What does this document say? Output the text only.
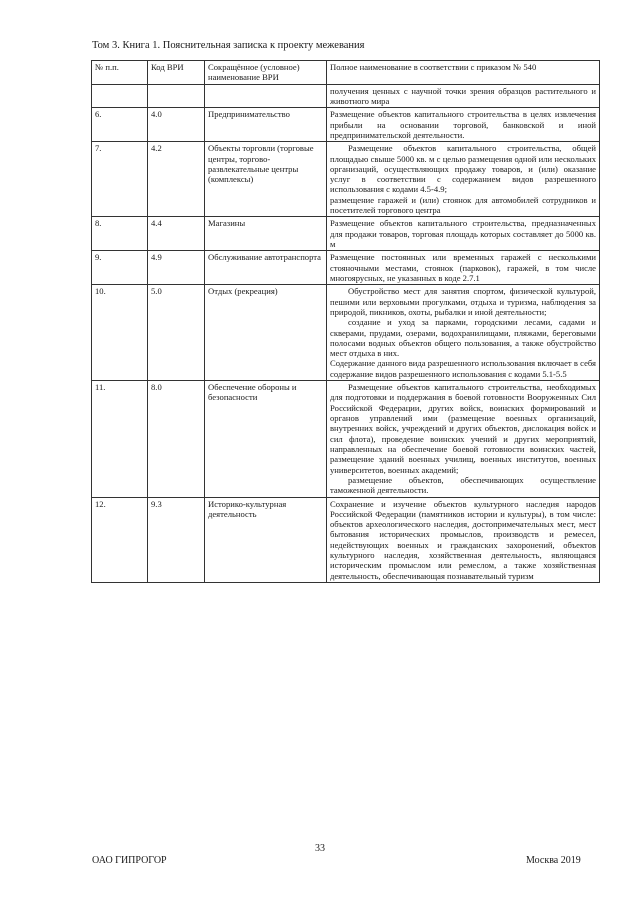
Том 3. Книга 1. Пояснительная записка к проекту межевания
№ п.п.	Код ВРИ	Сокращённое (условное) наименование ВРИ	Полное наименование в соответствии с приказом № 540

			получения ценных с научной точки зрения образцов растительного и животного мира

6.	4.0	Предпринимательство	Размещение объектов капитального строительства в целях извлечения прибыли на основании торговой, банковской и иной предпринимательской деятельности.

7.	4.2	Объекты торговли (торговые центры, торгово-развлекательные центры (комплексы)	Размещение объектов капитального строительства, общей площадью свыше 5000 кв. м с целью размещения одной или нескольких организаций, осуществляющих продажу товаров, и (или) оказание услуг в соответствии с содержанием видов разрешенного использования с кодами 4.5-4.9;

размещение гаражей и (или) стоянок для автомобилей сотрудников и посетителей торгового центра

8.	4.4	Магазины	Размещение объектов капитального строительства, предназначенных для продажи товаров, торговая площадь которых составляет до 5000 кв. м

9.	4.9	Обслуживание автотранспорта	Размещение постоянных или временных гаражей с несколькими стояночными местами, стоянок (парковок), гаражей, в том числе многоярусных, не указанных в коде 2.7.1

10.	5.0	Отдых (рекреация)	Обустройство мест для занятия спортом, физической культурой, пешими или верховыми прогулками, отдыха и туризма, наблюдения за природой, пикников, охоты, рыбалки и иной деятельности;

создание и уход за парками, городскими лесами, садами и скверами, прудами, озерами, водохранилищами, пляжами, береговыми полосами водных объектов общего пользования, а также обустройство мест отдыха в них.

Содержание данного вида разрешенного использования включает в себя содержание видов разрешенного использования с кодами 5.1-5.5

11.	8.0	Обеспечение обороны и безопасности	Размещение объектов капитального строительства, необходимых для подготовки и поддержания в боевой готовности Вооруженных Сил Российской Федерации, других войск, воинских формирований и органов управлений ими (размещение военных организаций, внутренних войск, учреждений и других объектов, дислокация войск и сил флота), проведение воинских учений и других мероприятий, направленных на обеспечение боевой готовности воинских частей, размещение зданий военных училищ, военных институтов, военных университетов, военных академий;

размещение объектов, обеспечивающих осуществление таможенной деятельности.

12.	9.3	Историко-культурная деятельность	Сохранение и изучение объектов культурного наследия народов Российской Федерации (памятников истории и культуры), в том числе: объектов археологического наследия, достопримечательных мест, мест бытования исторических промыслов, производств и ремесел, недействующих военных и гражданских захоронений, объектов культурного наследия, хозяйственная деятельность, являющаяся историческим промыслом или ремеслом, а также хозяйственная деятельность, обеспечивающая познавательный туризм

33
ОАО ГИПРОГОР	Москва 2019
